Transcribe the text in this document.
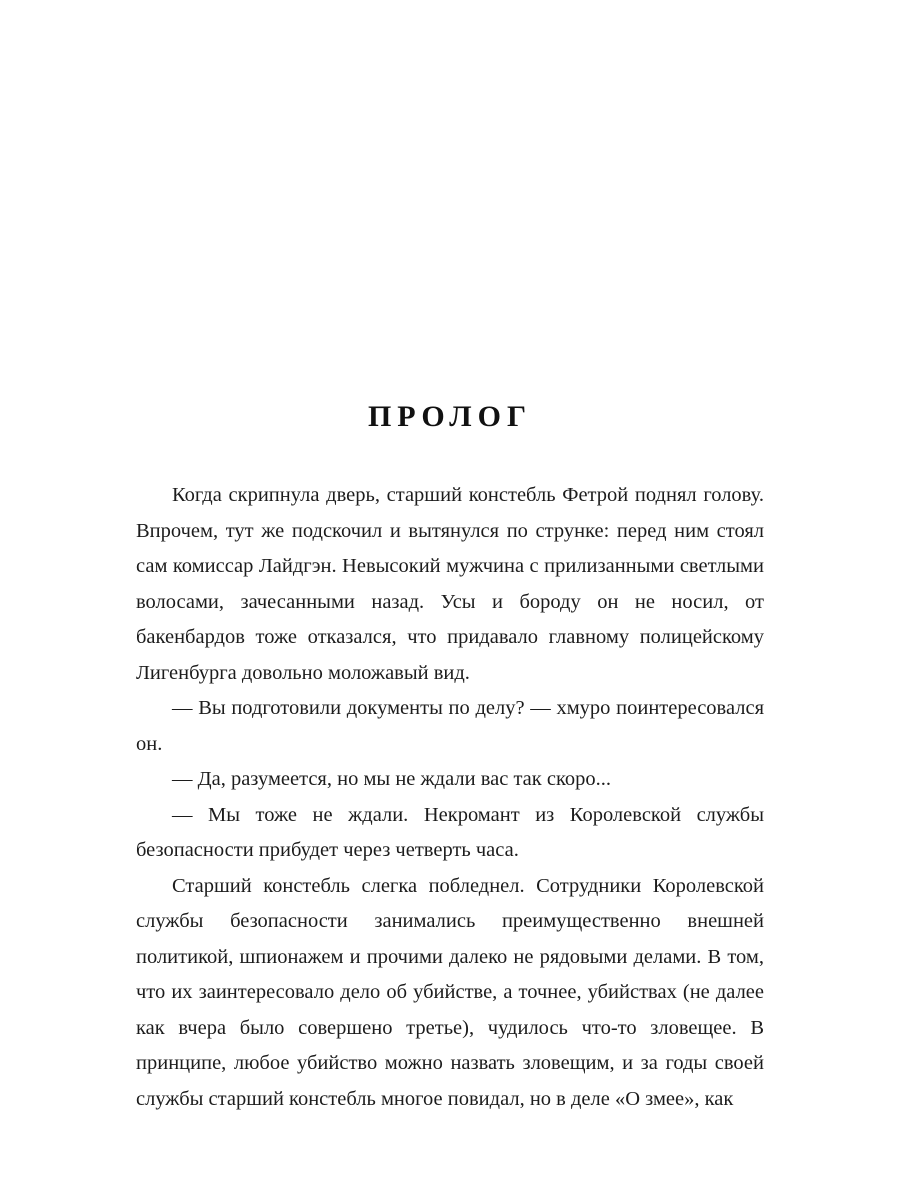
ПРОЛОГ

Когда скрипнула дверь, старший констебль Фетрой поднял голову. Впрочем, тут же подскочил и вытянулся по струнке: перед ним стоял сам комиссар Лайдгэн. Невысокий мужчина с прилизанными светлыми волосами, зачесанными назад. Усы и бороду он не носил, от бакенбардов тоже отказался, что придавало главному полицейскому Лигенбурга довольно моложавый вид.

— Вы подготовили документы по делу? — хмуро поинтересовался он.

— Да, разумеется, но мы не ждали вас так скоро...

— Мы тоже не ждали. Некромант из Королевской службы безопасности прибудет через четверть часа.

Старший констебль слегка побледнел. Сотрудники Королевской службы безопасности занимались преимущественно внешней политикой, шпионажем и прочими далеко не рядовыми делами. В том, что их заинтересовало дело об убийстве, а точнее, убийствах (не далее как вчера было совершено третье), чудилось что-то зловещее. В принципе, любое убийство можно назвать зловещим, и за годы своей службы старший констебль многое повидал, но в деле «О змее», как
